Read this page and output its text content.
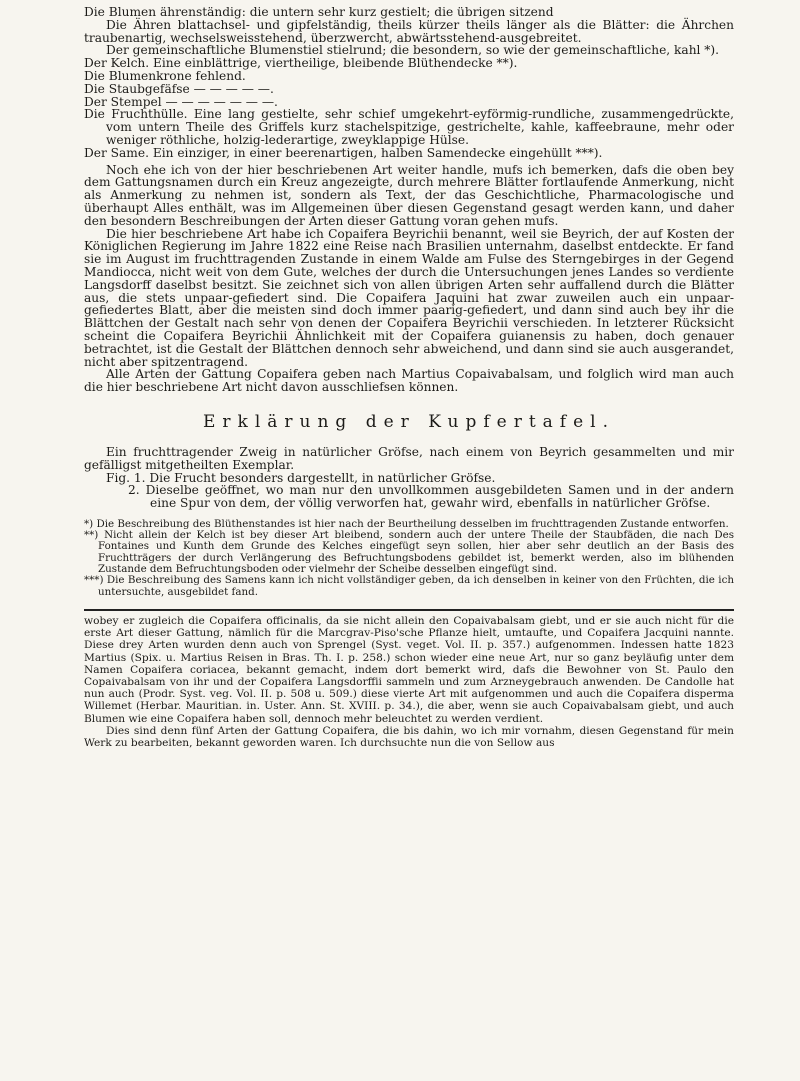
Die Blumen ährenständig: die untern sehr kurz gestielt; die übrigen sitzend

Die Ähren blattachsel- und gipfelständig, theils kürzer theils länger als die Blätter: die Ährchen traubenartig, wechselsweisstehend, überzwercht, abwärtsstehend-ausgebreitet.

Der gemeinschaftliche Blumenstiel stielrund; die besondern, so wie der gemeinschaftliche, kahl *).

Der Kelch. Eine einblättrige, viertheilige, bleibende Blüthendecke **).

Die Blumenkrone fehlend.

Die Staubgefäfse — — — — —.

Der Stempel — — — — — — —.

Die Fruchthülle. Eine lang gestielte, sehr schief umgekehrt-eyförmig-rundliche, zusammengedrückte, vom untern Theile des Griffels kurz stachelspitzige, gestrichelte, kahle, kaffeebraune, mehr oder weniger röthliche, holzig-lederartige, zweyklappige Hülse.

Der Same. Ein einziger, in einer beerenartigen, halben Samendecke eingehüllt ***).

Noch ehe ich von der hier beschriebenen Art weiter handle, mufs ich bemerken, dafs die oben bey dem Gattungsnamen durch ein Kreuz angezeigte, durch mehrere Blätter fortlaufende Anmerkung, nicht als Anmerkung zu nehmen ist, sondern als Text, der das Geschichtliche, Pharmacologische und überhaupt Alles enthält, was im Allgemeinen über diesen Gegenstand gesagt werden kann, und daher den besondern Beschreibungen der Arten dieser Gattung voran gehen mufs.

Die hier beschriebene Art habe ich Copaifera Beyrichii benannt, weil sie Beyrich, der auf Kosten der Königlichen Regierung im Jahre 1822 eine Reise nach Brasilien unternahm, daselbst entdeckte. Er fand sie im August im fruchttragenden Zustande in einem Walde am Fulse des Sterngebirges in der Gegend Mandiocca, nicht weit von dem Gute, welches der durch die Untersuchungen jenes Landes so verdiente Langsdorff daselbst besitzt. Sie zeichnet sich von allen übrigen Arten sehr auffallend durch die Blätter aus, die stets unpaar-gefiedert sind. Die Copaifera Jaquini hat zwar zuweilen auch ein unpaar-gefiedertes Blatt, aber die meisten sind doch immer paarig-gefiedert, und dann sind auch bey ihr die Blättchen der Gestalt nach sehr von denen der Copaifera Beyrichii verschieden. In letzterer Rücksicht scheint die Copaifera Beyrichii Ähnlichkeit mit der Copaifera guianensis zu haben, doch genauer betrachtet, ist die Gestalt der Blättchen dennoch sehr abweichend, und dann sind sie auch ausgerandet, nicht aber spitzentragend.

Alle Arten der Gattung Copaifera geben nach Martius Copaivabalsam, und folglich wird man auch die hier beschriebene Art nicht davon ausschliefsen können.

Erklärung der Kupfertafel.

Ein fruchttragender Zweig in natürlicher Gröfse, nach einem von Beyrich gesammelten und mir gefälligst mitgetheilten Exemplar.

Fig. 1. Die Frucht besonders dargestellt, in natürlicher Gröfse.

2. Dieselbe geöffnet, wo man nur den unvollkommen ausgebildeten Samen und in der andern eine Spur von dem, der völlig verworfen hat, gewahr wird, ebenfalls in natürlicher Gröfse.

*) Die Beschreibung des Blüthenstandes ist hier nach der Beurtheilung desselben im fruchttragenden Zustande entworfen.

**) Nicht allein der Kelch ist bey dieser Art bleibend, sondern auch der untere Theile der Staubfäden, die nach Des Fontaines und Kunth dem Grunde des Kelches eingefügt seyn sollen, hier aber sehr deutlich an der Basis des Fruchtträgers der durch Verlängerung des Befruchtungsbodens gebildet ist, bemerkt werden, also im blühenden Zustande dem Befruchtungsboden oder vielmehr der Scheibe desselben eingefügt sind.

***) Die Beschreibung des Samens kann ich nicht vollständiger geben, da ich denselben in keiner von den Früchten, die ich untersuchte, ausgebildet fand.

wobey er zugleich die Copaifera officinalis, da sie nicht allein den Copaivabalsam giebt, und er sie auch nicht für die erste Art dieser Gattung, nämlich für die Marcgrav-Piso'sche Pflanze hielt, umtaufte, und Copaifera Jacquini nannte. Diese drey Arten wurden denn auch von Sprengel (Syst. veget. Vol. II. p. 357.) aufgenommen. Indessen hatte 1823 Martius (Spix. u. Martius Reisen in Bras. Th. I. p. 258.) schon wieder eine neue Art, nur so ganz beyläufig unter dem Namen Copaifera coriacea, bekannt gemacht, indem dort bemerkt wird, dafs die Bewohner von St. Paulo den Copaivabalsam von ihr und der Copaifera Langsdorffii sammeln und zum Arzneygebrauch anwenden. De Candolle hat nun auch (Prodr. Syst. veg. Vol. II. p. 508 u. 509.) diese vierte Art mit aufgenommen und auch die Copaifera disperma Willemet (Herbar. Mauritian. in. Uster. Ann. St. XVIII. p. 34.), die aber, wenn sie auch Copaivabalsam giebt, und auch Blumen wie eine Copaifera haben soll, dennoch mehr beleuchtet zu werden verdient.

Dies sind denn fünf Arten der Gattung Copaifera, die bis dahin, wo ich mir vornahm, diesen Gegenstand für mein Werk zu bearbeiten, bekannt geworden waren. Ich durchsuchte nun die von Sellow aus
